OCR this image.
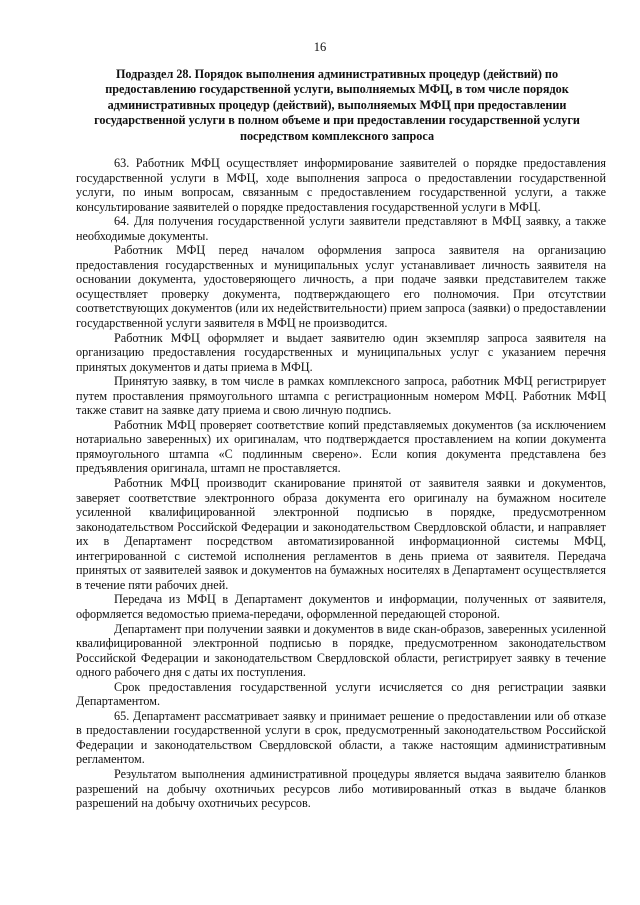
16
Подраздел 28. Порядок выполнения административных процедур (действий) по предоставлению государственной услуги, выполняемых МФЦ, в том числе порядок административных процедур (действий), выполняемых МФЦ при предоставлении государственной услуги в полном объеме и при предоставлении государственной услуги посредством комплексного запроса

63. Работник МФЦ осуществляет информирование заявителей о порядке предоставления государственной услуги в МФЦ, ходе выполнения запроса о предоставлении государственной услуги, по иным вопросам, связанным с предоставлением государственной услуги, а также консультирование заявителей о порядке предоставления государственной услуги в МФЦ.

64. Для получения государственной услуги заявители представляют в МФЦ заявку, а также необходимые документы.

Работник МФЦ перед началом оформления запроса заявителя на организацию предоставления государственных и муниципальных услуг устанавливает личность заявителя на основании документа, удостоверяющего личность, а при подаче заявки представителем также осуществляет проверку документа, подтверждающего его полномочия. При отсутствии соответствующих документов (или их недействительности) прием запроса (заявки) о предоставлении государственной услуги заявителя в МФЦ не производится.

Работник МФЦ оформляет и выдает заявителю один экземпляр запроса заявителя на организацию предоставления государственных и муниципальных услуг с указанием перечня принятых документов и даты приема в МФЦ.

Принятую заявку, в том числе в рамках комплексного запроса, работник МФЦ регистрирует путем проставления прямоугольного штампа с регистрационным номером МФЦ. Работник МФЦ также ставит на заявке дату приема и свою личную подпись.

Работник МФЦ проверяет соответствие копий представляемых документов (за исключением нотариально заверенных) их оригиналам, что подтверждается проставлением на копии документа прямоугольного штампа «С подлинным сверено». Если копия документа представлена без предъявления оригинала, штамп не проставляется.

Работник МФЦ производит сканирование принятой от заявителя заявки и документов, заверяет соответствие электронного образа документа его оригиналу на бумажном носителе усиленной квалифицированной электронной подписью в порядке, предусмотренном законодательством Российской Федерации и законодательством Свердловской области, и направляет их в Департамент посредством автоматизированной информационной системы МФЦ, интегрированной с системой исполнения регламентов в день приема от заявителя. Передача принятых от заявителей заявок и документов на бумажных носителях в Департамент осуществляется в течение пяти рабочих дней.

Передача из МФЦ в Департамент документов и информации, полученных от заявителя, оформляется ведомостью приема-передачи, оформленной передающей стороной.

Департамент при получении заявки и документов в виде скан-образов, заверенных усиленной квалифицированной электронной подписью в порядке, предусмотренном законодательством Российской Федерации и законодательством Свердловской области, регистрирует заявку в течение одного рабочего дня с даты их поступления.

Срок предоставления государственной услуги исчисляется со дня регистрации заявки Департаментом.

65. Департамент рассматривает заявку и принимает решение о предоставлении или об отказе в предоставлении государственной услуги в срок, предусмотренный законодательством Российской Федерации и законодательством Свердловской области, а также настоящим административным регламентом.

Результатом выполнения административной процедуры является выдача заявителю бланков разрешений на добычу охотничьих ресурсов либо мотивированный отказ в выдаче бланков разрешений на добычу охотничьих ресурсов.
